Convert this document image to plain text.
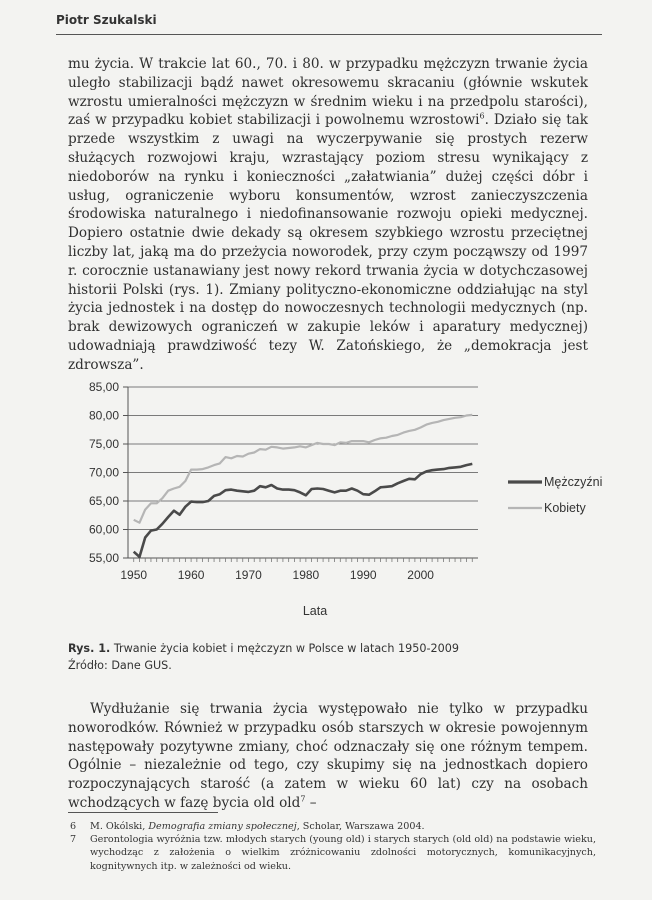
Piotr Szukalski

mu życia. W trakcie lat 60., 70. i 80. w przypadku mężczyzn trwanie życia uległo stabilizacji bądź nawet okresowemu skracaniu (głównie wskutek wzrostu umieralności mężczyzn w średnim wieku i na przedpolu starości), zaś w przypadku kobiet stabilizacji i powolnemu wzrostowi$^6$. Działo się tak przede wszystkim z uwagi na wyczerpywanie się prostych rezerw służących rozwojowi kraju, wzrastający poziom stresu wynikający z niedoborów na rynku i konieczności „załatwiania” dużej części dóbr i usług, ograniczenie wyboru konsumentów, wzrost zanieczyszczenia środowiska naturalnego i niedofinansowanie rozwoju opieki medycznej. Dopiero ostatnie dwie dekady są okresem szybkiego wzrostu przeciętnej liczby lat, jaką ma do przeżycia noworodek, przy czym począwszy od 1997 r. corocznie ustanawiany jest nowy rekord trwania życia w dotychczasowej historii Polski (rys. 1). Zmiany polityczno-ekonomiczne oddziałując na styl życia jednostek i na dostęp do nowoczesnych technologii medycznych (np. brak dewizowych ograniczeń w zakupie leków i aparatury medycznej) udowadniają prawdziwość tezy W. Zatońskiego, że „demokracja jest zdrowsza”.

85,00
80,00
75,00
70,00
65,00
60,00
55,00
1950	1960	1970	1980	1990	2000
Lata
Mężczyźni
Kobiety
Rys. 1. Trwanie życia kobiet i mężczyzn w Polsce w latach 1950-2009
Źródło: Dane GUS.

Wydłużanie się trwania życia występowało nie tylko w przypadku noworodków. Również w przypadku osób starszych w okresie powojennym następowały pozytywne zmiany, choć odznaczały się one różnym tempem. Ogólnie – niezależnie od tego, czy skupimy się na jednostkach dopiero rozpoczynających starość (a zatem w wieku 60 lat) czy na osobach wchodzących w fazę bycia old old$^7$ –

6 M. Okólski, Demografia zmiany społecznej, Scholar, Warszawa 2004.
7 Gerontologia wyróżnia tzw. młodych starych (young old) i starych starych (old old) na podstawie wieku, wychodząc z założenia o wielkim zróżnicowaniu zdolności motorycznych, komunikacyjnych, kognitywnych itp. w zależności od wieku.
